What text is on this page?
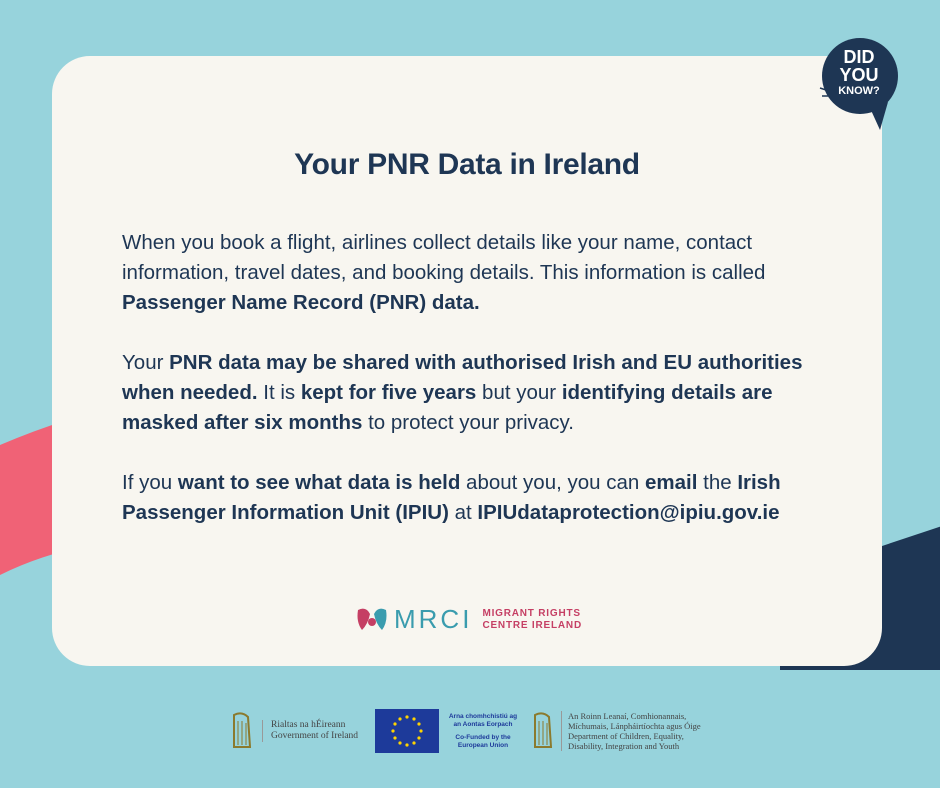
Your PNR Data in Ireland

When you book a flight, airlines collect details like your name, contact information, travel dates, and booking details. This information is called Passenger Name Record (PNR) data.

Your PNR data may be shared with authorised Irish and EU authorities when needed. It is kept for five years but your identifying details are masked after six months to protect your privacy.

If you want to see what data is held about you, you can email the Irish Passenger Information Unit (IPIU) at IPIUdataprotection@ipiu.gov.ie

MRCI MIGRANT RIGHTS
CENTRE IRELAND
DID
YOU
KNOW?
Rialtas na hÉireann
Government of Ireland
Arna chomhchistiú ag
an Aontas Eorpach
Co-Funded by the
European Union
An Roinn Leanaí, Comhionannais,
Míchumais, Lánpháirtíochta agus Óige
Department of Children, Equality,
Disability, Integration and Youth
